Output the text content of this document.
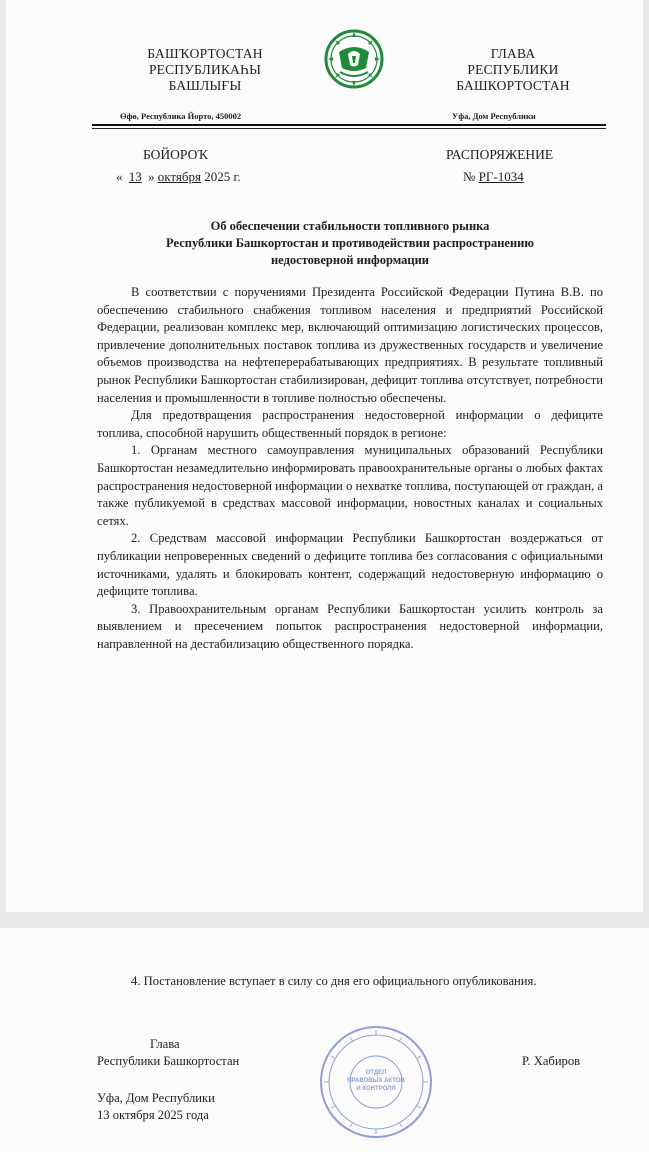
БАШҠОРТОСТАН
РЕСПУБЛИКАҺЫ
БАШЛЫҒЫ
ГЛАВА
РЕСПУБЛИКИ
БАШКОРТОСТАН
Өфө, Республика Йорто, 450002	Уфа, Дом Республики
БОЙОРОҠ	РАСПОРЯЖЕНИЕ
« 13 » октября 2025 г.	№ РГ-1034
Об обеспечении стабильности топливного рынка
Республики Башкортостан и противодействии распространению
недостоверной информации

В соответствии с поручениями Президента Российской Федерации Путина В.В. по обеспечению стабильного снабжения топливом населения и предприятий Российской Федерации, реализован комплекс мер, включающий оптимизацию логистических процессов, привлечение дополнительных поставок топлива из дружественных государств и увеличение объемов производства на нефтеперерабатывающих предприятиях. В результате топливный рынок Республики Башкортостан стабилизирован, дефицит топлива отсутствует, потребности населения и промышленности в топливе полностью обеспечены.

Для предотвращения распространения недостоверной информации о дефиците топлива, способной нарушить общественный порядок в регионе:

1. Органам местного самоуправления муниципальных образований Республики Башкортостан незамедлительно информировать правоохранительные органы о любых фактах распространения недостоверной информации о нехватке топлива, поступающей от граждан, а также публикуемой в средствах массовой информации, новостных каналах и социальных сетях.

2. Средствам массовой информации Республики Башкортостан воздержаться от публикации непроверенных сведений о дефиците топлива без согласования с официальными источниками, удалять и блокировать контент, содержащий недостоверную информацию о дефиците топлива.

3. Правоохранительным органам Республики Башкортостан усилить контроль за выявлением и пресечением попыток распространения недостоверной информации, направленной на дестабилизацию общественного порядка.

4. Постановление вступает в силу со дня его официального опубликования.

Глава
Республики Башкортостан	Р. Хабиров
ОТДЕЛ
ПРАВОВЫХ АКТОВ
И КОНТРОЛЯ
Уфа, Дом Республики
13 октября 2025 года
